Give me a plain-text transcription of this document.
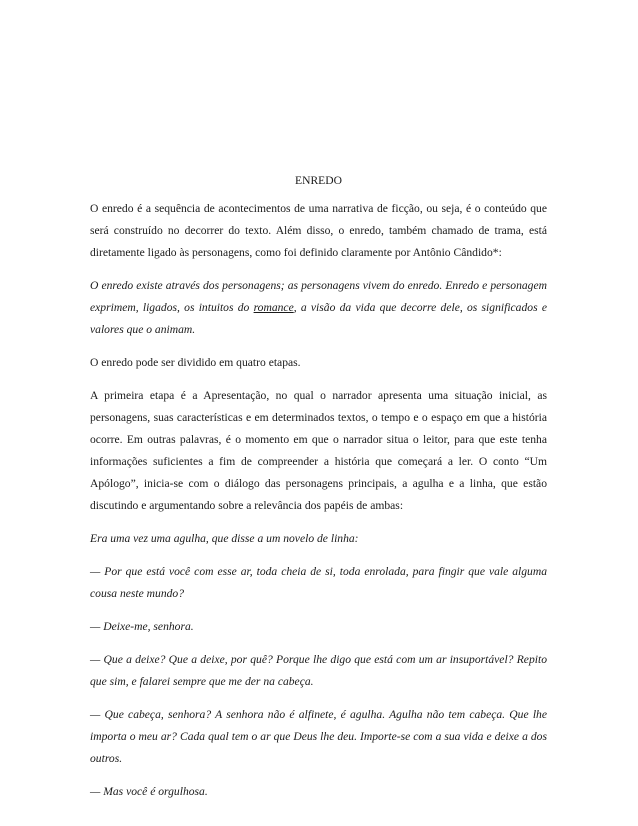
ENREDO

O enredo é a sequência de acontecimentos de uma narrativa de ficção, ou seja, é o conteúdo que será construído no decorrer do texto. Além disso, o enredo, também chamado de trama, está diretamente ligado às personagens, como foi definido claramente por Antônio Cândido*:

O enredo existe através dos personagens; as personagens vivem do enredo. Enredo e personagem exprimem, ligados, os intuitos do romance, a visão da vida que decorre dele, os significados e valores que o animam.

O enredo pode ser dividido em quatro etapas.

A primeira etapa é a Apresentação, no qual o narrador apresenta uma situação inicial, as personagens, suas características e em determinados textos, o tempo e o espaço em que a história ocorre. Em outras palavras, é o momento em que o narrador situa o leitor, para que este tenha informações suficientes a fim de compreender a história que começará a ler. O conto “Um Apólogo”, inicia-se com o diálogo das personagens principais, a agulha e a linha, que estão discutindo e argumentando sobre a relevância dos papéis de ambas:

Era uma vez uma agulha, que disse a um novelo de linha:

— Por que está você com esse ar, toda cheia de si, toda enrolada, para fingir que vale alguma cousa neste mundo?

— Deixe-me, senhora.

— Que a deixe? Que a deixe, por quê? Porque lhe digo que está com um ar insuportável? Repito que sim, e falarei sempre que me der na cabeça.

— Que cabeça, senhora? A senhora não é alfinete, é agulha. Agulha não tem cabeça. Que lhe importa o meu ar? Cada qual tem o ar que Deus lhe deu. Importe-se com a sua vida e deixe a dos outros.

— Mas você é orgulhosa.
